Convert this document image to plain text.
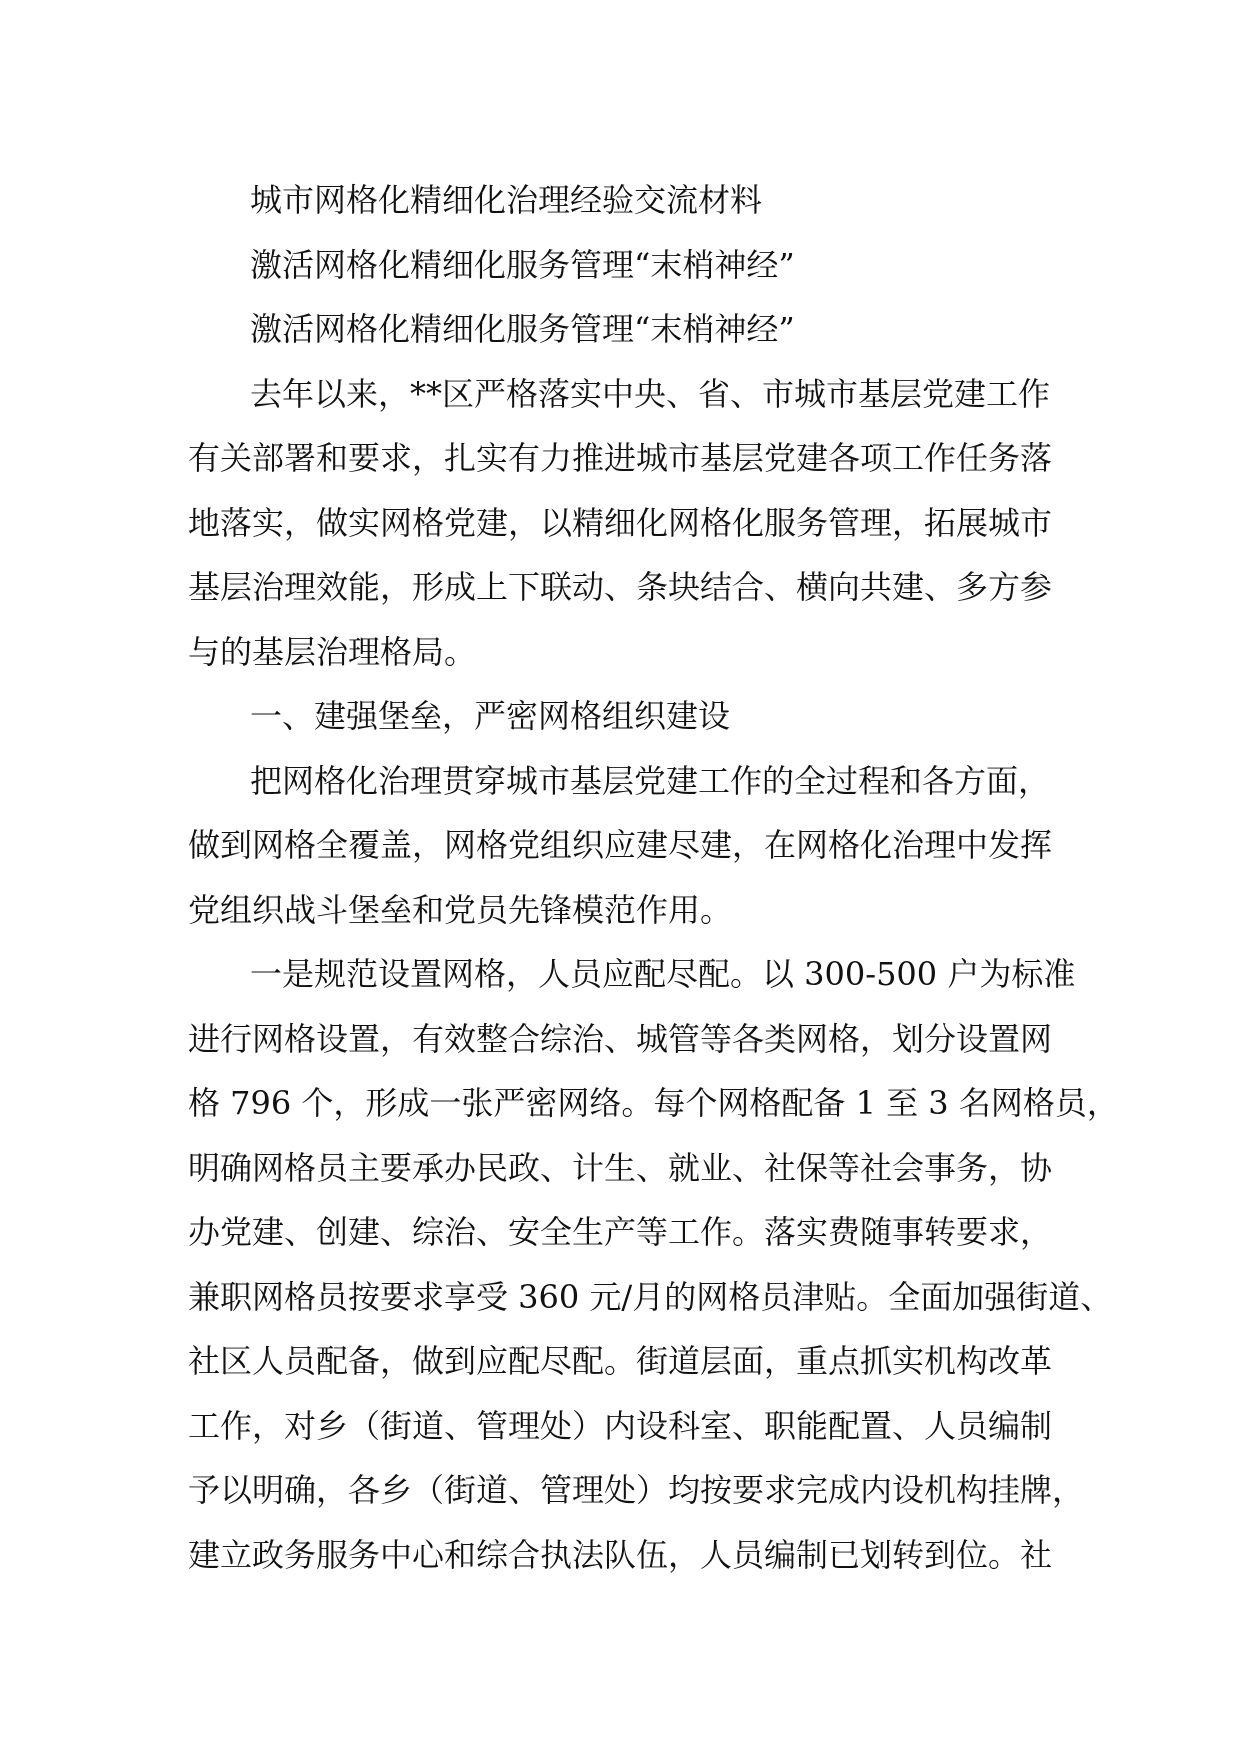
城市网格化精细化治理经验交流材料
激活网格化精细化服务管理“末梢神经”
激活网格化精细化服务管理“末梢神经”
去年以来，**区严格落实中央、省、市城市基层党建工作
有关部署和要求，扎实有力推进城市基层党建各项工作任务落
地落实，做实网格党建，以精细化网格化服务管理，拓展城市
基层治理效能，形成上下联动、条块结合、横向共建、多方参
与的基层治理格局。
一、建强堡垒，严密网格组织建设
把网格化治理贯穿城市基层党建工作的全过程和各方面，
做到网格全覆盖，网格党组织应建尽建，在网格化治理中发挥
党组织战斗堡垒和党员先锋模范作用。
一是规范设置网格，人员应配尽配。以 300-500 户为标准
进行网格设置，有效整合综治、城管等各类网格，划分设置网
格 796 个，形成一张严密网络。每个网格配备 1 至 3 名网格员，
明确网格员主要承办民政、计生、就业、社保等社会事务，协
办党建、创建、综治、安全生产等工作。落实费随事转要求，
兼职网格员按要求享受 360 元/月的网格员津贴。全面加强街道、
社区人员配备，做到应配尽配。街道层面，重点抓实机构改革
工作，对乡（街道、管理处）内设科室、职能配置、人员编制
予以明确，各乡（街道、管理处）均按要求完成内设机构挂牌，
建立政务服务中心和综合执法队伍，人员编制已划转到位。社
